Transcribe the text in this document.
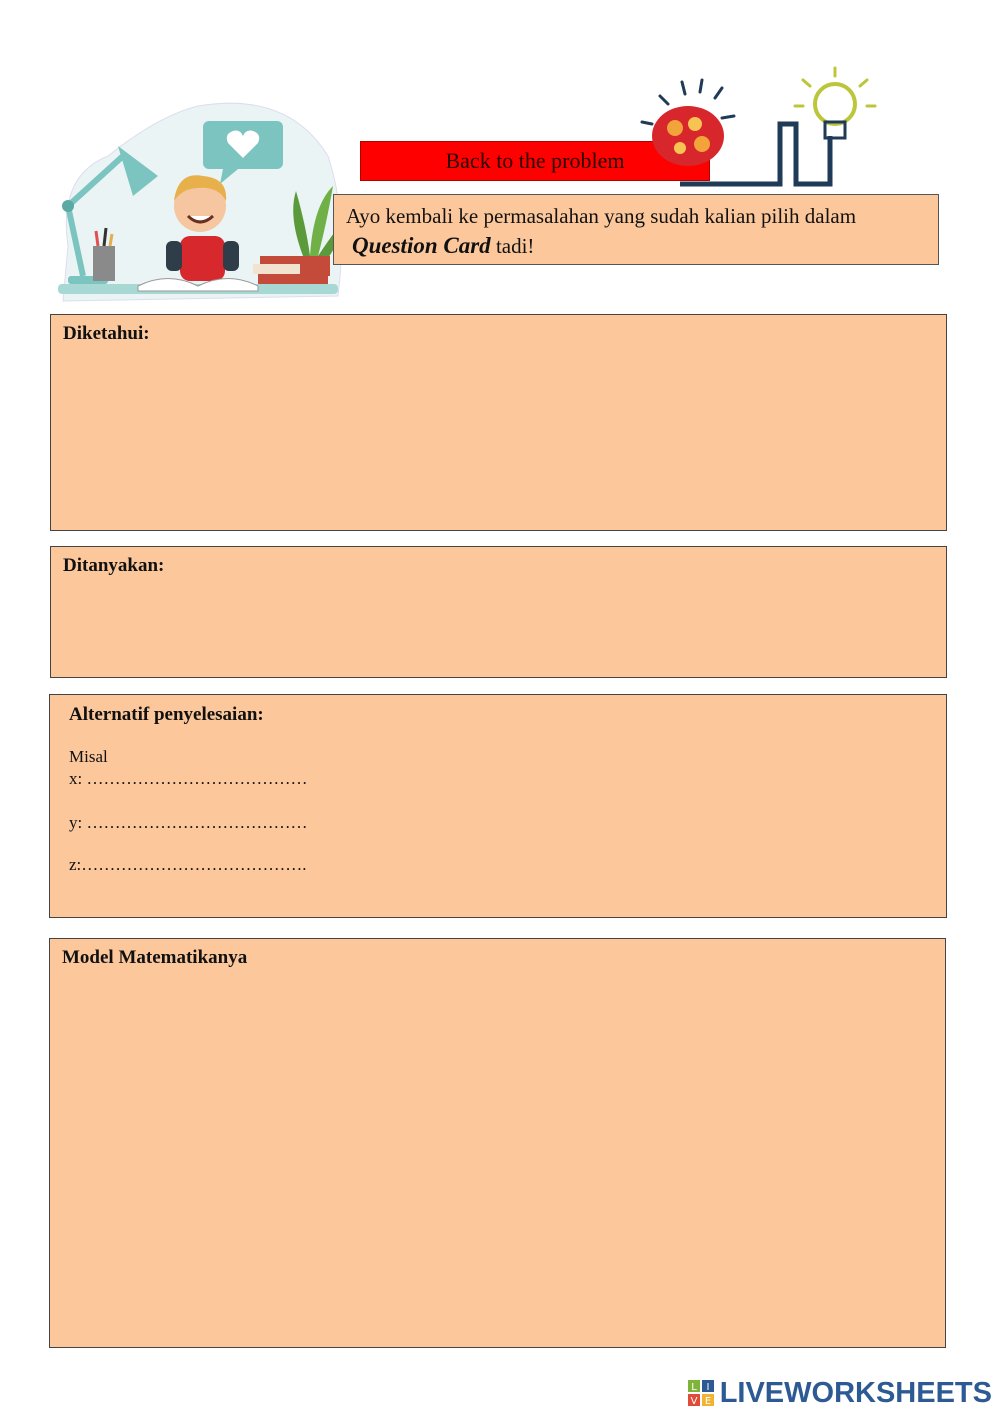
Back to the problem
Ayo kembali ke permasalahan yang sudah kalian pilih dalam
Question Card tadi!
Diketahui:
Ditanyakan:
Alternatif penyelesaian:
Misal
x: …………………………………
y: …………………………………
z:………………………………….
Model Matematikanya
L I
V E LIVEWORKSHEETS
